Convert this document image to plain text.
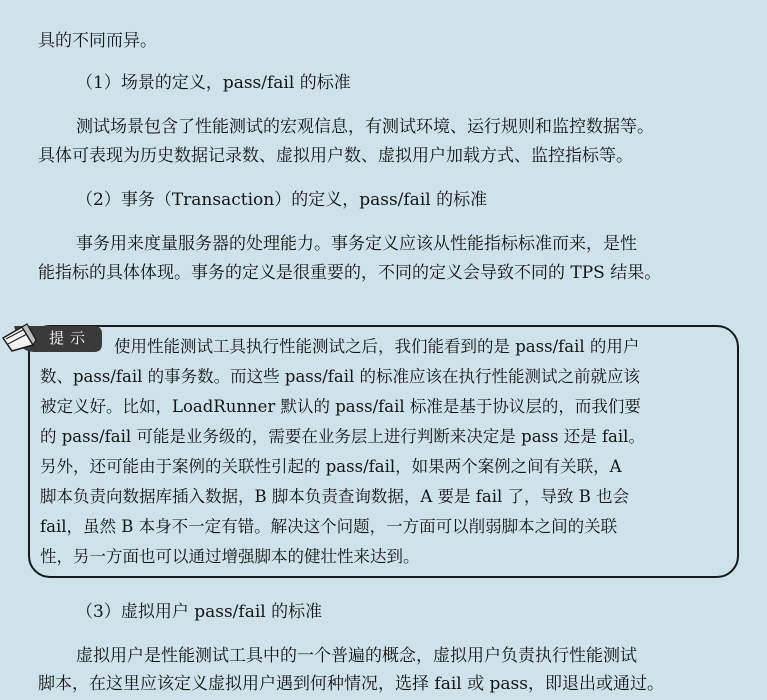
具的不同而异。
（1）场景的定义，pass/fail 的标准
测试场景包含了性能测试的宏观信息，有测试环境、运行规则和监控数据等。
具体可表现为历史数据记录数、虚拟用户数、虚拟用户加载方式、监控指标等。
（2）事务（Transaction）的定义，pass/fail 的标准
事务用来度量服务器的处理能力。事务定义应该从性能指标标准而来，是性
能指标的具体体现。事务的定义是很重要的，不同的定义会导致不同的 TPS 结果。
提示	使用性能测试工具执行性能测试之后，我们能看到的是 pass/fail 的用户
数、pass/fail 的事务数。而这些 pass/fail 的标准应该在执行性能测试之前就应该
被定义好。比如，LoadRunner 默认的 pass/fail 标准是基于协议层的，而我们要
的 pass/fail 可能是业务级的，需要在业务层上进行判断来决定是 pass 还是 fail。
另外，还可能由于案例的关联性引起的 pass/fail，如果两个案例之间有关联，A
脚本负责向数据库插入数据，B 脚本负责查询数据，A 要是 fail 了，导致 B 也会
fail，虽然 B 本身不一定有错。解决这个问题，一方面可以削弱脚本之间的关联
性，另一方面也可以通过增强脚本的健壮性来达到。
（3）虚拟用户 pass/fail 的标准
虚拟用户是性能测试工具中的一个普遍的概念，虚拟用户负责执行性能测试
脚本，在这里应该定义虚拟用户遇到何种情况，选择 fail 或 pass，即退出或通过。
